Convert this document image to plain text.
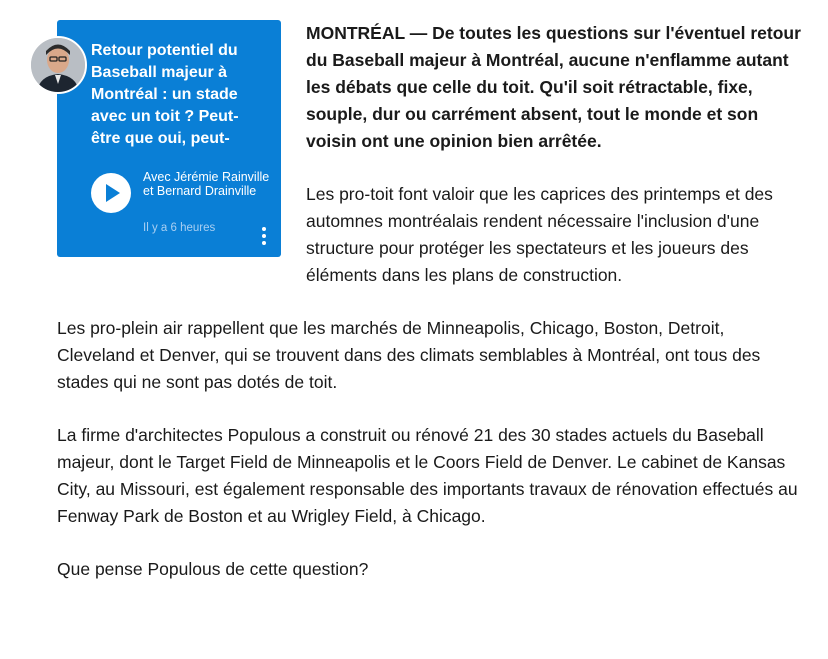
Retour potentiel du Baseball majeur à Montréal : un stade avec un toit ? Peut-être que oui, peut-
Avec Jérémie Rainville et Bernard Drainville
Il y a 6 heures

MONTRÉAL — De toutes les questions sur l'éventuel retour du Baseball majeur à Montréal, aucune n'enflamme autant les débats que celle du toit. Qu'il soit rétractable, fixe, souple, dur ou carrément absent, tout le monde et son voisin ont une opinion bien arrêtée.

Les pro-toit font valoir que les caprices des printemps et des automnes montréalais rendent nécessaire l'inclusion d'une structure pour protéger les spectateurs et les joueurs des éléments dans les plans de construction.

Les pro-plein air rappellent que les marchés de Minneapolis, Chicago, Boston, Detroit, Cleveland et Denver, qui se trouvent dans des climats semblables à Montréal, ont tous des stades qui ne sont pas dotés de toit.

La firme d'architectes Populous a construit ou rénové 21 des 30 stades actuels du Baseball majeur, dont le Target Field de Minneapolis et le Coors Field de Denver. Le cabinet de Kansas City, au Missouri, est également responsable des importants travaux de rénovation effectués au Fenway Park de Boston et au Wrigley Field, à Chicago.

Que pense Populous de cette question?
